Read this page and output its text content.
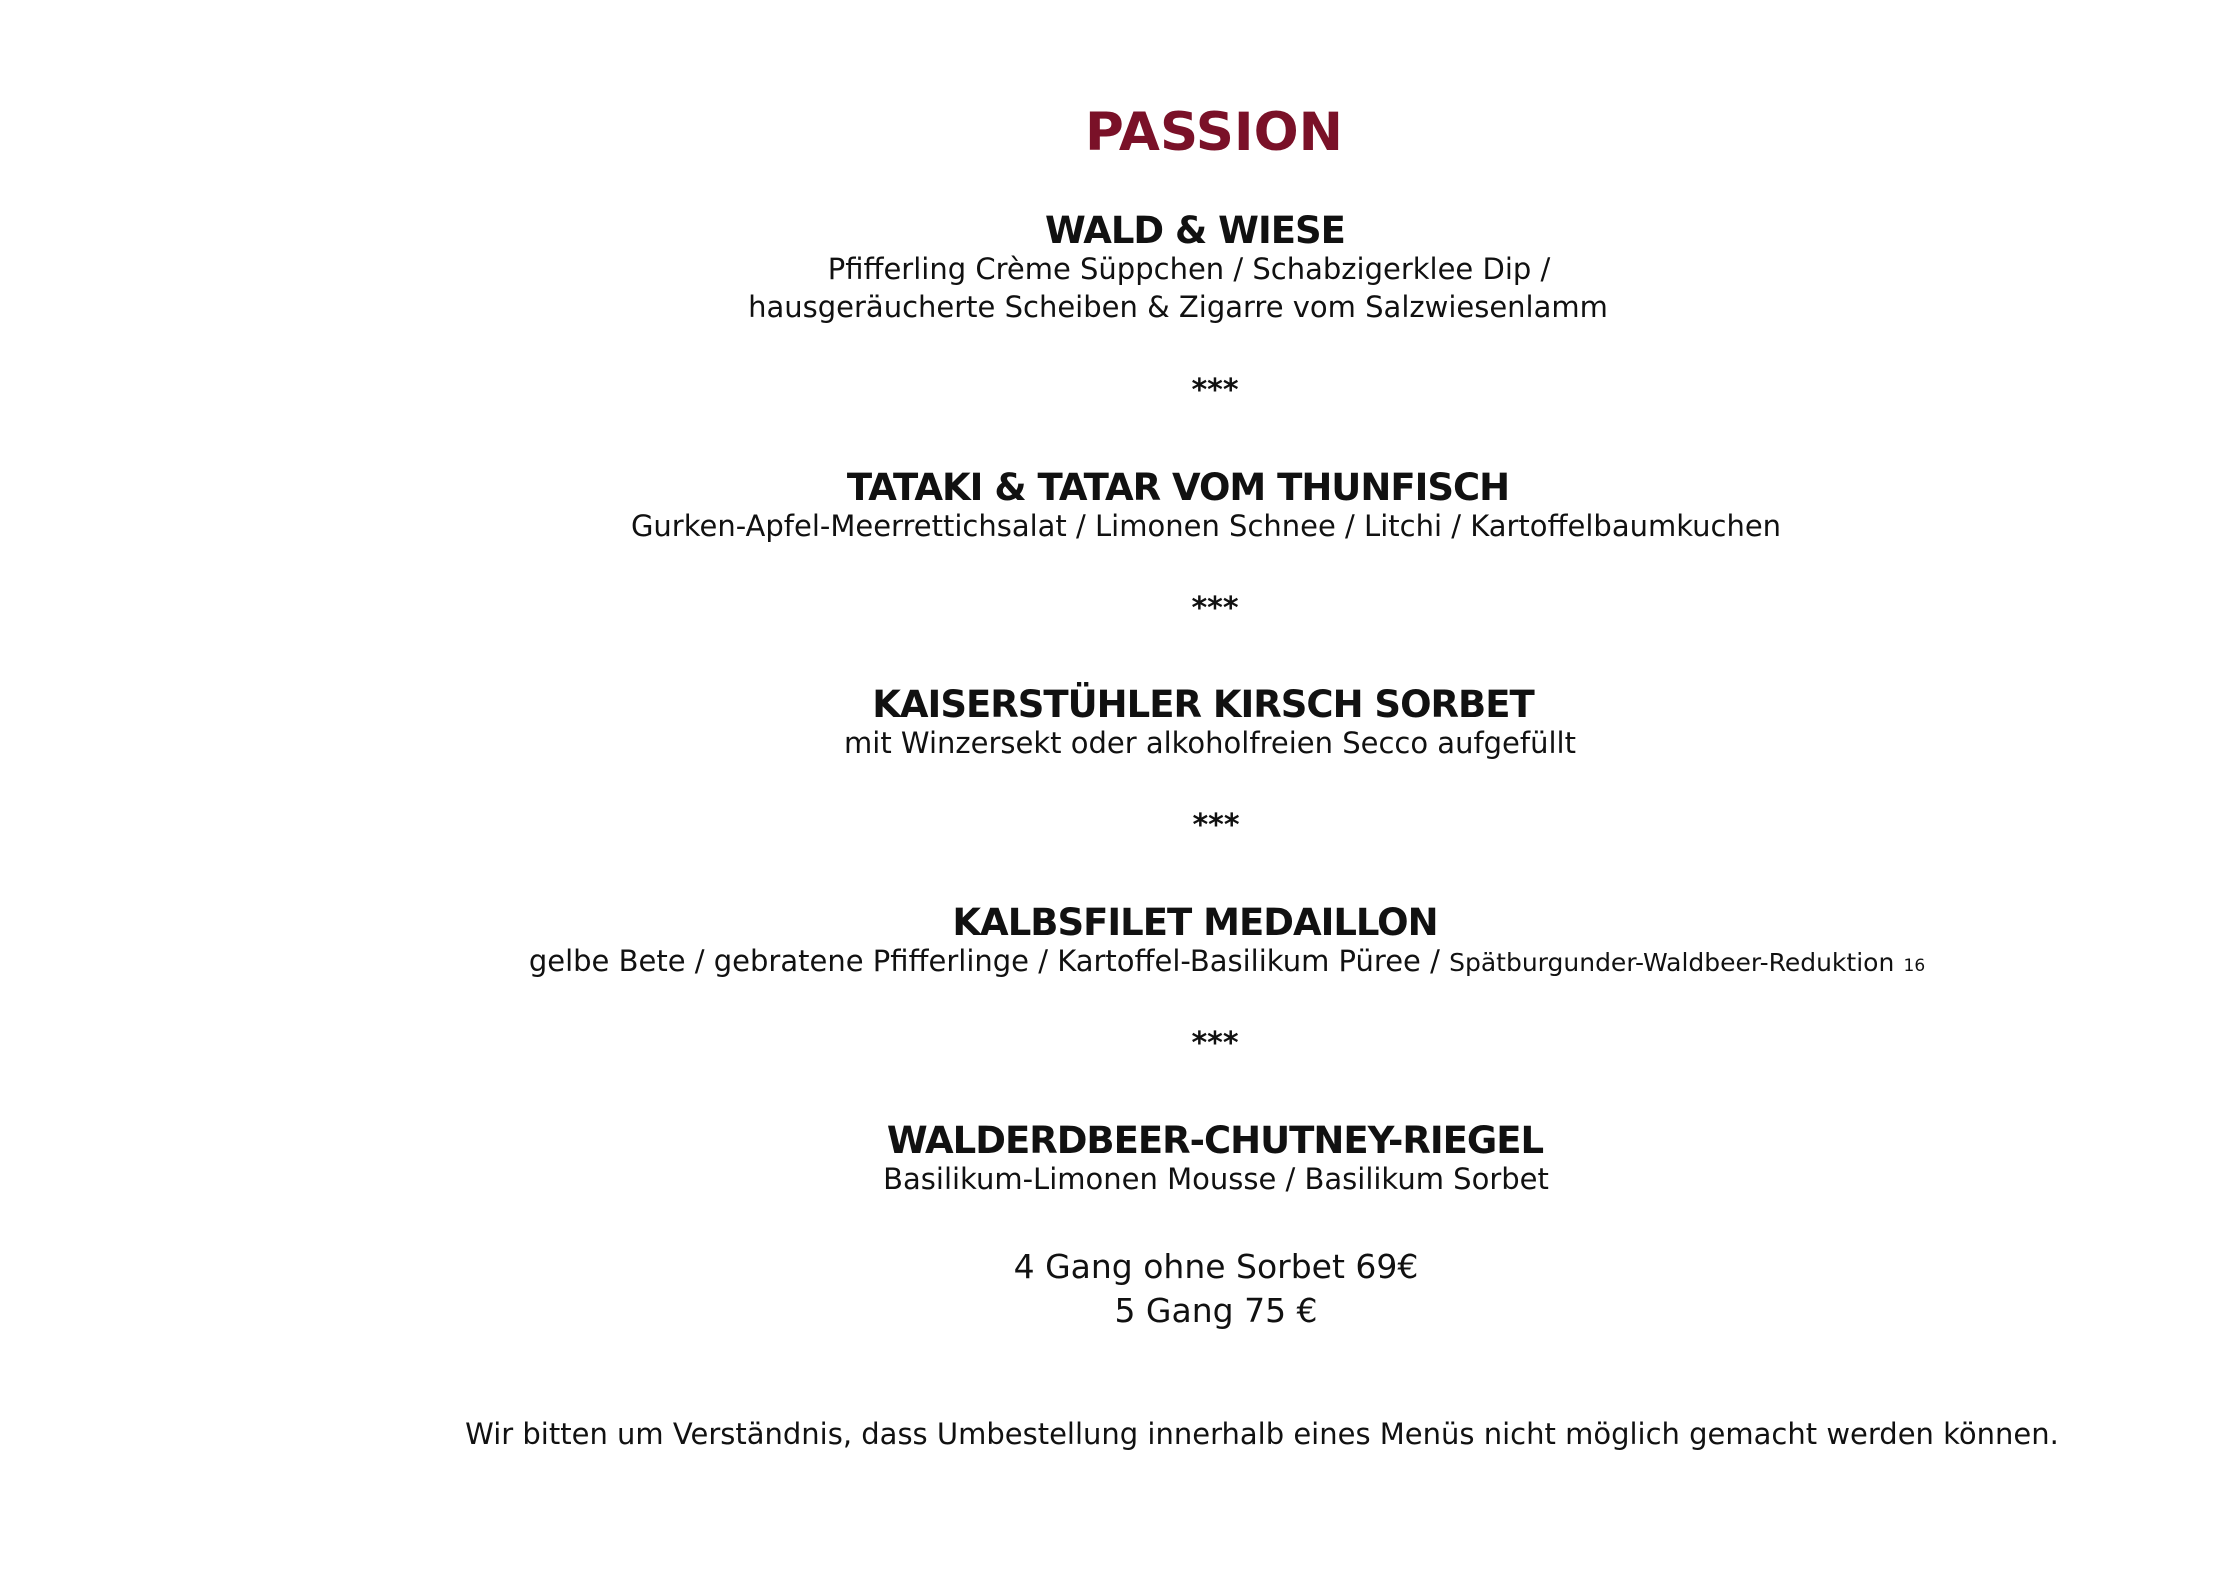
PASSION
WALD & WIESE
Pfifferling Crème Süppchen / Schabzigerklee Dip /
hausgeräucherte Scheiben & Zigarre vom Salzwiesenlamm
***
TATAKI & TATAR VOM THUNFISCH
Gurken-Apfel-Meerrettichsalat / Limonen Schnee / Litchi / Kartoffelbaumkuchen
***
KAISERSTÜHLER KIRSCH SORBET
mit Winzersekt oder alkoholfreien Secco aufgefüllt
***
KALBSFILET MEDAILLON
gelbe Bete / gebratene Pfifferlinge / Kartoffel-Basilikum Püree / Spätburgunder-Waldbeer-Reduktion 16
***
WALDERDBEER-CHUTNEY-RIEGEL
Basilikum-Limonen Mousse / Basilikum Sorbet
4 Gang ohne Sorbet 69€
5 Gang 75 €
Wir bitten um Verständnis, dass Umbestellung innerhalb eines Menüs nicht möglich gemacht werden können.
